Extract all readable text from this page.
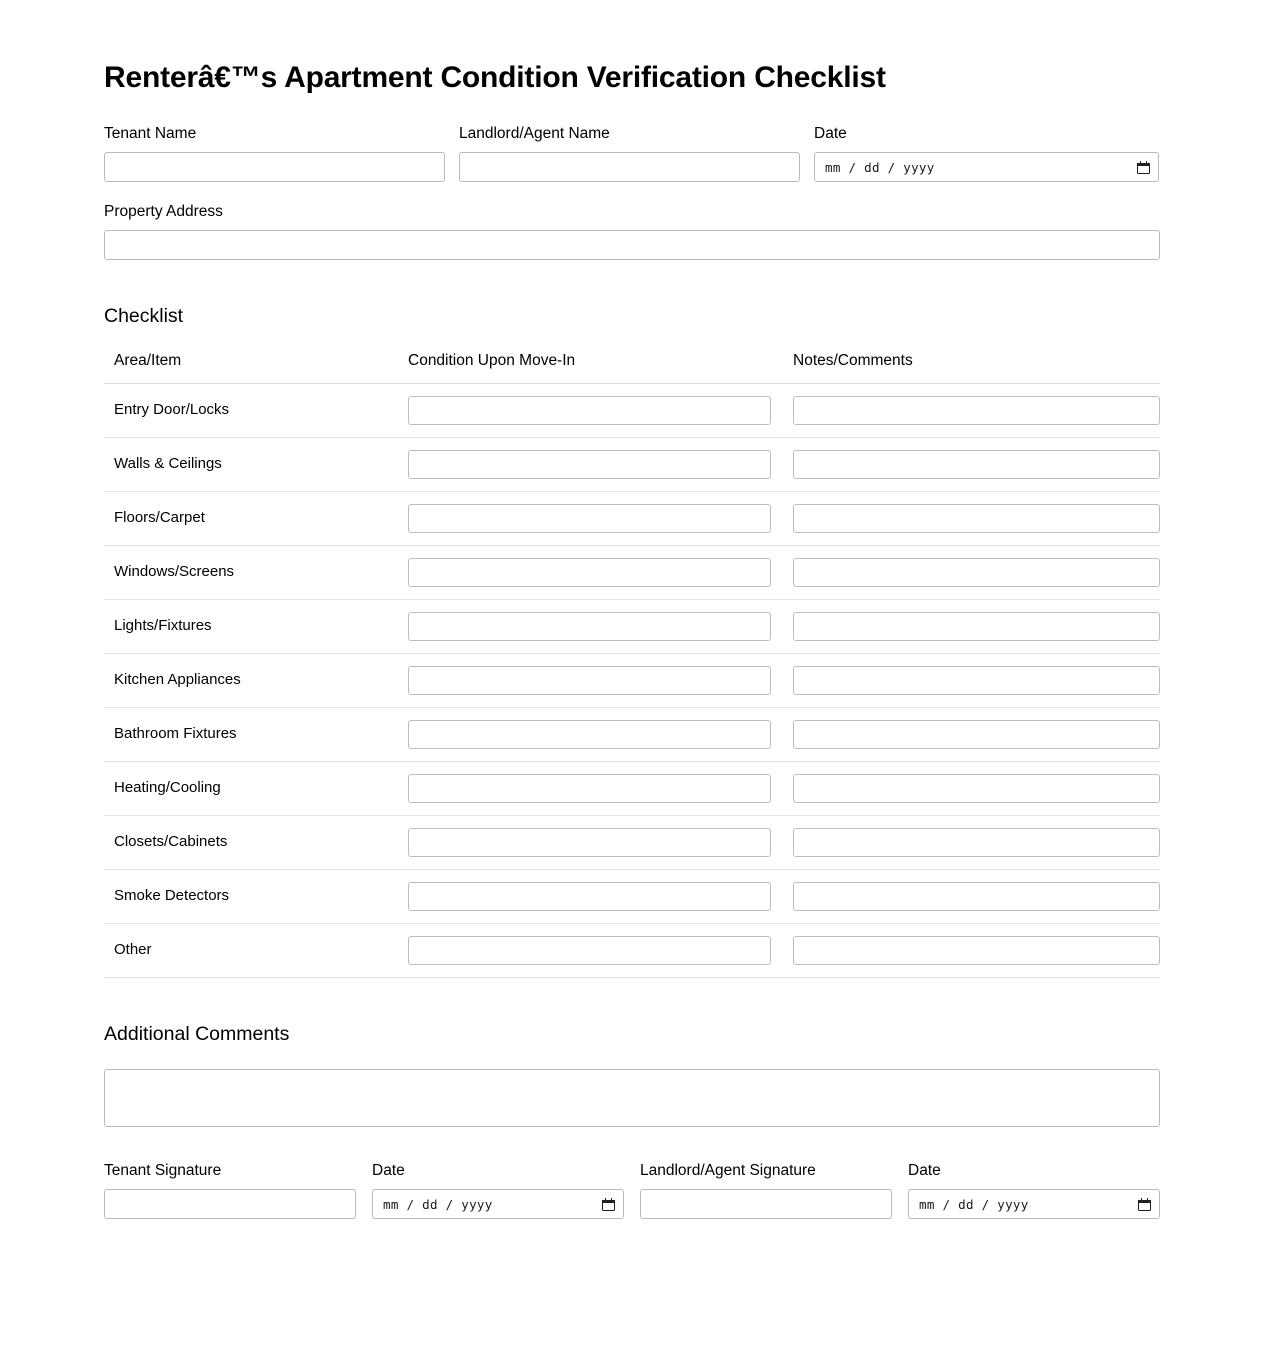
Renterâ€™s Apartment Condition Verification Checklist
Tenant Name	Landlord/Agent Name	Date
mm / dd / yyyy
Property Address
Checklist
Area/Item	Condition Upon Move-In	Notes/Comments

Entry Door/Locks

Walls & Ceilings

Floors/Carpet

Windows/Screens

Lights/Fixtures

Kitchen Appliances

Bathroom Fixtures

Heating/Cooling

Closets/Cabinets

Smoke Detectors

Other

Additional Comments
Tenant Signature	Date
mm / dd / yyyy
Landlord/Agent Signature	Date
mm / dd / yyyy
